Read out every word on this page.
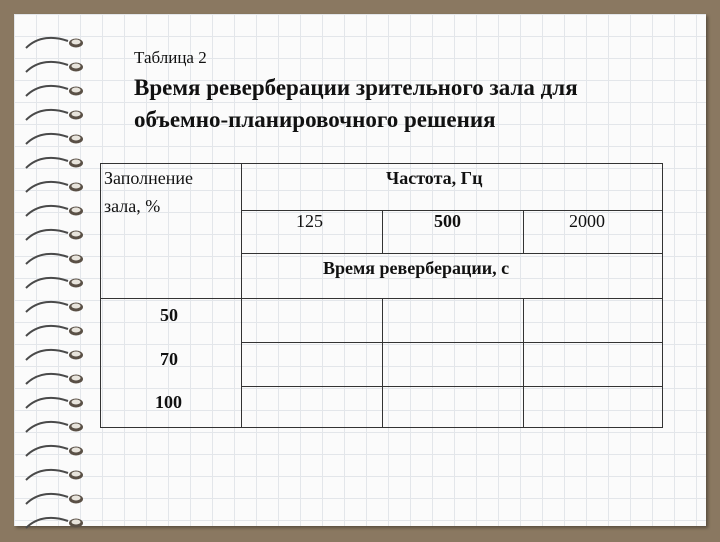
Таблица 2
Время реверберации зрительного зала для
объемно-планировочного решения
Заполнение
зала, %
Частота, Гц
125	500	2000
Время реверберации, с
50
70
100
